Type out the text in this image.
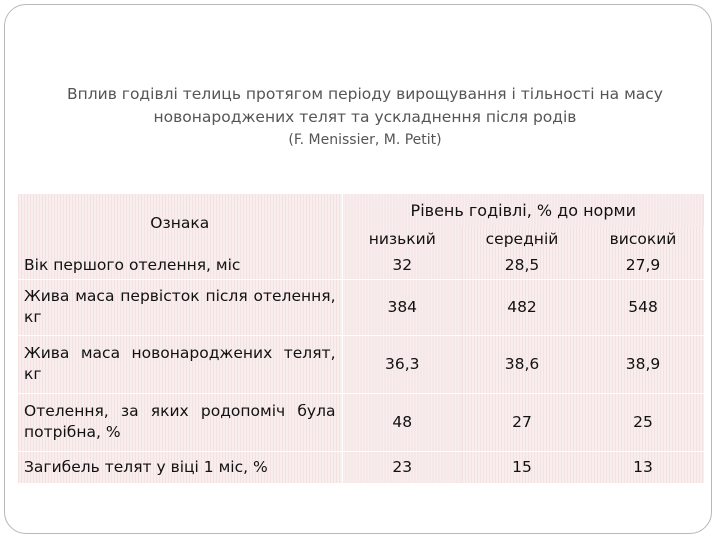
Вплив годівлі телиць протягом періоду вирощування і тільності на масу
новонароджених телят та ускладнення після родів
(F. Menissier, M. Petit)
Ознака	Рівень годівлі, % до норми		
	низький	середній	високий
Вік першого отелення, міс	32	28,5	27,9
Жива маса первісток після отелення, кг	384	482	548
Жива маса новонароджених телят, кг	36,3	38,6	38,9
Отелення, за яких родопоміч була потрібна, %	48	27	25
Загибель телят у віці 1 міс, %	23	15	13
